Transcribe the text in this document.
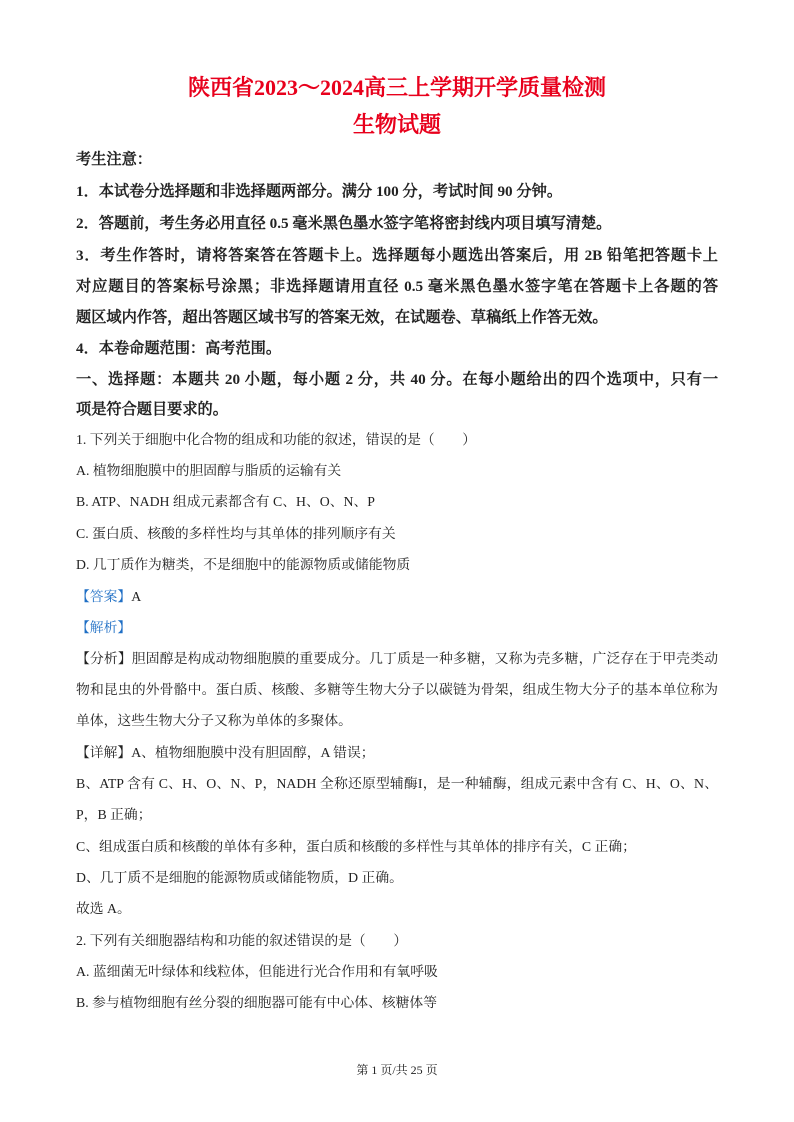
陕西省2023～2024高三上学期开学质量检测
生物试题
考生注意：
1．本试卷分选择题和非选择题两部分。满分 100 分，考试时间 90 分钟。
2．答题前，考生务必用直径 0.5 毫米黑色墨水签字笔将密封线内项目填写清楚。
3．考生作答时，请将答案答在答题卡上。选择题每小题选出答案后，用 2B 铅笔把答题卡上
对应题目的答案标号涂黑；非选择题请用直径 0.5 毫米黑色墨水签字笔在答题卡上各题的答
题区域内作答，超出答题区域书写的答案无效，在试题卷、草稿纸上作答无效。
4．本卷命题范围：高考范围。
一、选择题：本题共 20 小题，每小题 2 分，共 40 分。在每小题给出的四个选项中，只有一
项是符合题目要求的。
1. 下列关于细胞中化合物的组成和功能的叙述，错误的是（　　）
A. 植物细胞膜中的胆固醇与脂质的运输有关
B. ATP、NADH 组成元素都含有 C、H、O、N、P
C. 蛋白质、核酸的多样性均与其单体的排列顺序有关
D. 几丁质作为糖类，不是细胞中的能源物质或储能物质
【答案】A
【解析】
【分析】胆固醇是构成动物细胞膜的重要成分。几丁质是一种多糖，又称为壳多糖，广泛存在于甲壳类动
物和昆虫的外骨骼中。蛋白质、核酸、多糖等生物大分子以碳链为骨架，组成生物大分子的基本单位称为
单体，这些生物大分子又称为单体的多聚体。
【详解】A、植物细胞膜中没有胆固醇，A 错误；
B、ATP 含有 C、H、O、N、P，NADH 全称还原型辅酶I，是一种辅酶，组成元素中含有 C、H、O、N、
P，B 正确；
C、组成蛋白质和核酸的单体有多种，蛋白质和核酸的多样性与其单体的排序有关，C 正确；
D、几丁质不是细胞的能源物质或储能物质，D 正确。
故选 A。
2. 下列有关细胞器结构和功能的叙述错误的是（　　）
A. 蓝细菌无叶绿体和线粒体，但能进行光合作用和有氧呼吸
B. 参与植物细胞有丝分裂的细胞器可能有中心体、核糖体等
第 1 页/共 25 页
